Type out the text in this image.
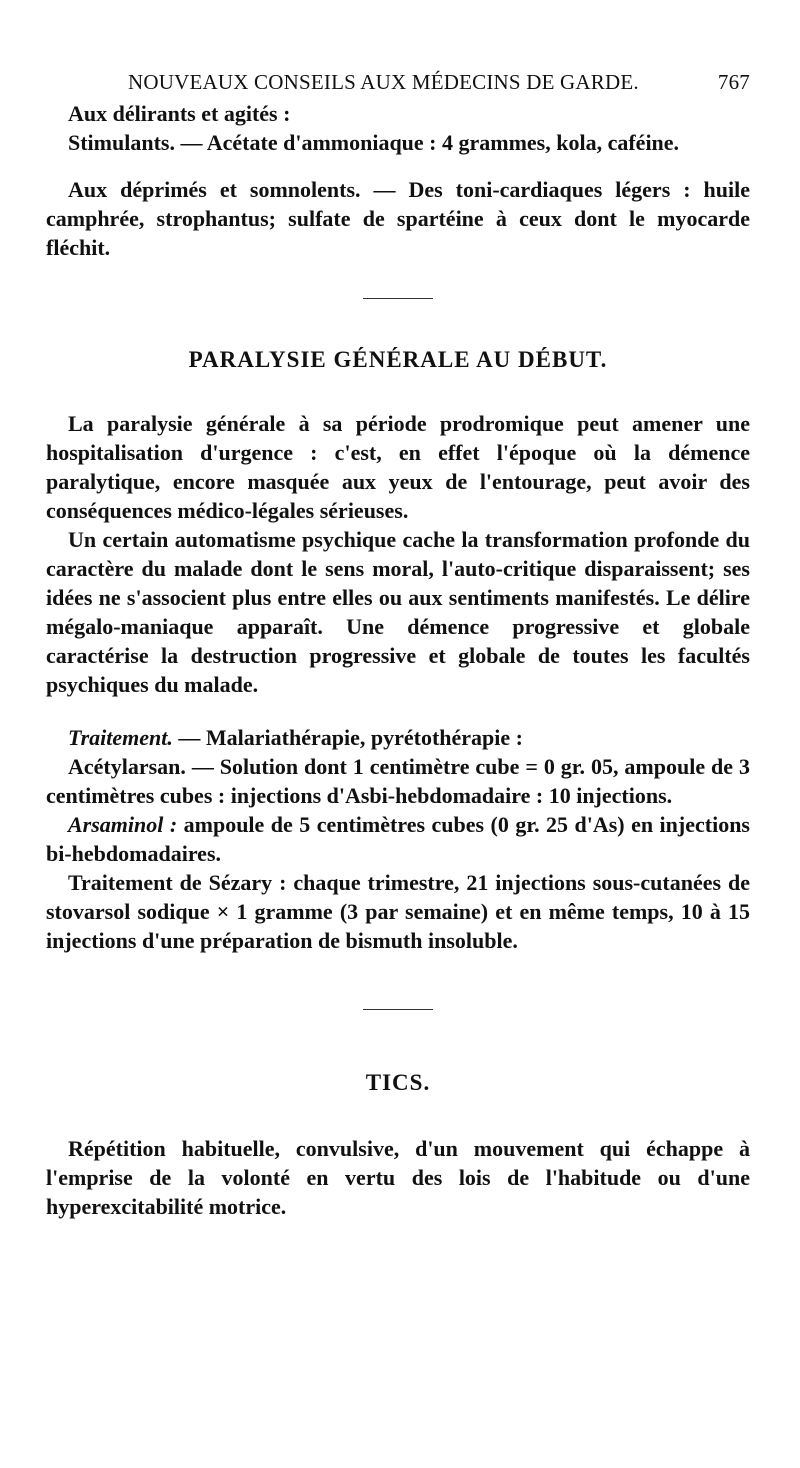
NOUVEAUX CONSEILS AUX MÉDECINS DE GARDE.	767

Aux délirants et agités :

Stimulants. — Acétate d'ammoniaque : 4 grammes, kola, caféine.

Aux déprimés et somnolents. — Des toni-cardiaques légers : huile camphrée, strophantus; sulfate de spartéine à ceux dont le myocarde fléchit.

PARALYSIE GÉNÉRALE AU DÉBUT.

La paralysie générale à sa période prodromique peut amener une hospitalisation d'urgence : c'est, en effet l'époque où la démence paralytique, encore masquée aux yeux de l'entourage, peut avoir des conséquences médico-légales sérieuses.

Un certain automatisme psychique cache la transformation profonde du caractère du malade dont le sens moral, l'auto-critique disparaissent; ses idées ne s'associent plus entre elles ou aux sentiments manifestés. Le délire mégalo-maniaque apparaît. Une démence progressive et globale caractérise la destruction progressive et globale de toutes les facultés psychiques du malade.

Traitement. — Malariathérapie, pyrétothérapie :

Acétylarsan. — Solution dont 1 centimètre cube = 0 gr. 05, ampoule de 3 centimètres cubes : injections d'Asbi-hebdomadaire : 10 injections.

Arsaminol : ampoule de 5 centimètres cubes (0 gr. 25 d'As) en injections bi-hebdomadaires.

Traitement de Sézary : chaque trimestre, 21 injections sous-cutanées de stovarsol sodique × 1 gramme (3 par semaine) et en même temps, 10 à 15 injections d'une préparation de bismuth insoluble.

TICS.

Répétition habituelle, convulsive, d'un mouvement qui échappe à l'emprise de la volonté en vertu des lois de l'habitude ou d'une hyperexcitabilité motrice.
